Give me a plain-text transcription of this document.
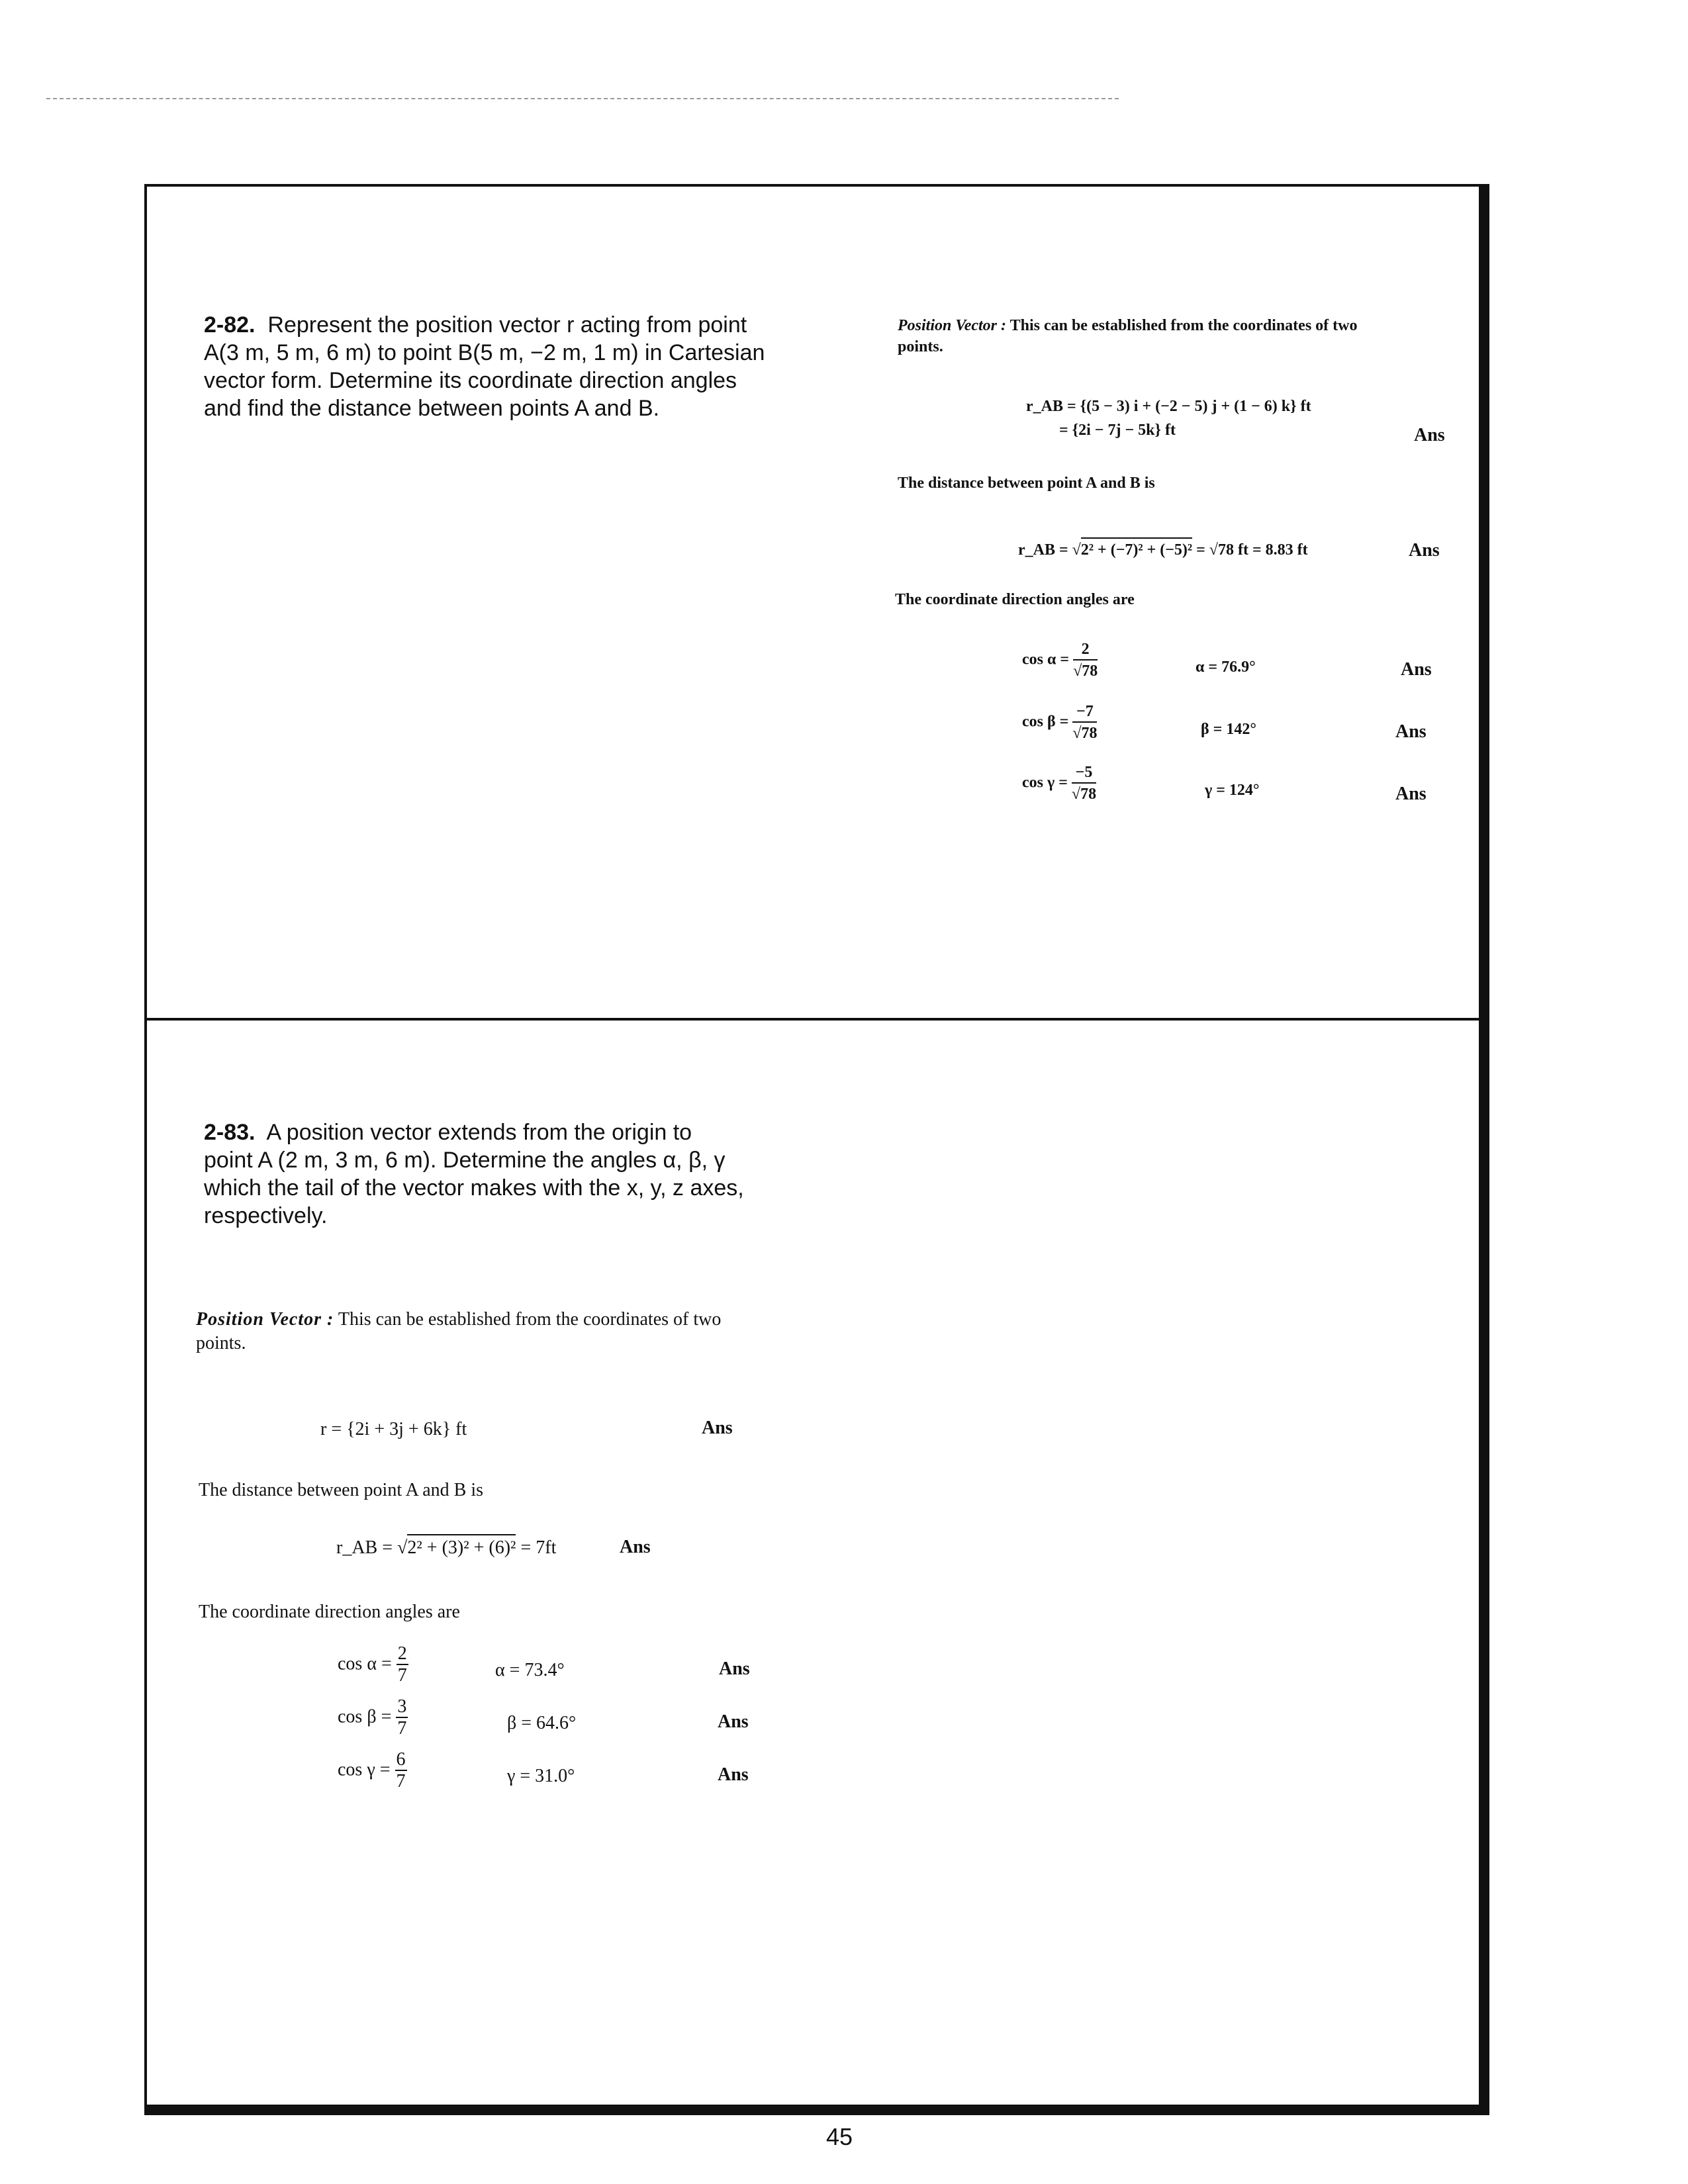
2-82. Represent the position vector r acting from point
A(3 m, 5 m, 6 m) to point B(5 m, −2 m, 1 m) in Cartesian
vector form. Determine its coordinate direction angles
and find the distance between points A and B.
Position Vector : This can be established from the coordinates of two
points.
r_AB = {(5 − 3) i + (−2 − 5) j + (1 − 6) k} ft
= {2i − 7j − 5k} ft	Ans
The distance between point A and B is
r_AB = √2² + (−7)² + (−5)² = √78 ft = 8.83 ft	Ans
The coordinate direction angles are
$\cos \alpha = \frac{2}{√78}$	α = 76.9°	Ans
$\cos \beta = \frac{-7}{√78}$	β = 142°	Ans
$\cos \gamma = \frac{-5}{√78}$	γ = 124°	Ans
2-83. A position vector extends from the origin to
point A (2 m, 3 m, 6 m). Determine the angles α, β, γ
which the tail of the vector makes with the x, y, z axes,
respectively.
Position Vector : This can be established from the coordinates of two
points.
r = {2i + 3j + 6k} ft	Ans
The distance between point A and B is
r_AB = √2² + (3)² + (6)² = 7ft	Ans
The coordinate direction angles are
$\cos \alpha = \frac{2}{7}$	α = 73.4°	Ans
$\cos \beta = \frac{3}{7}$	β = 64.6°	Ans
$\cos \gamma = \frac{6}{7}$	γ = 31.0°	Ans
45
